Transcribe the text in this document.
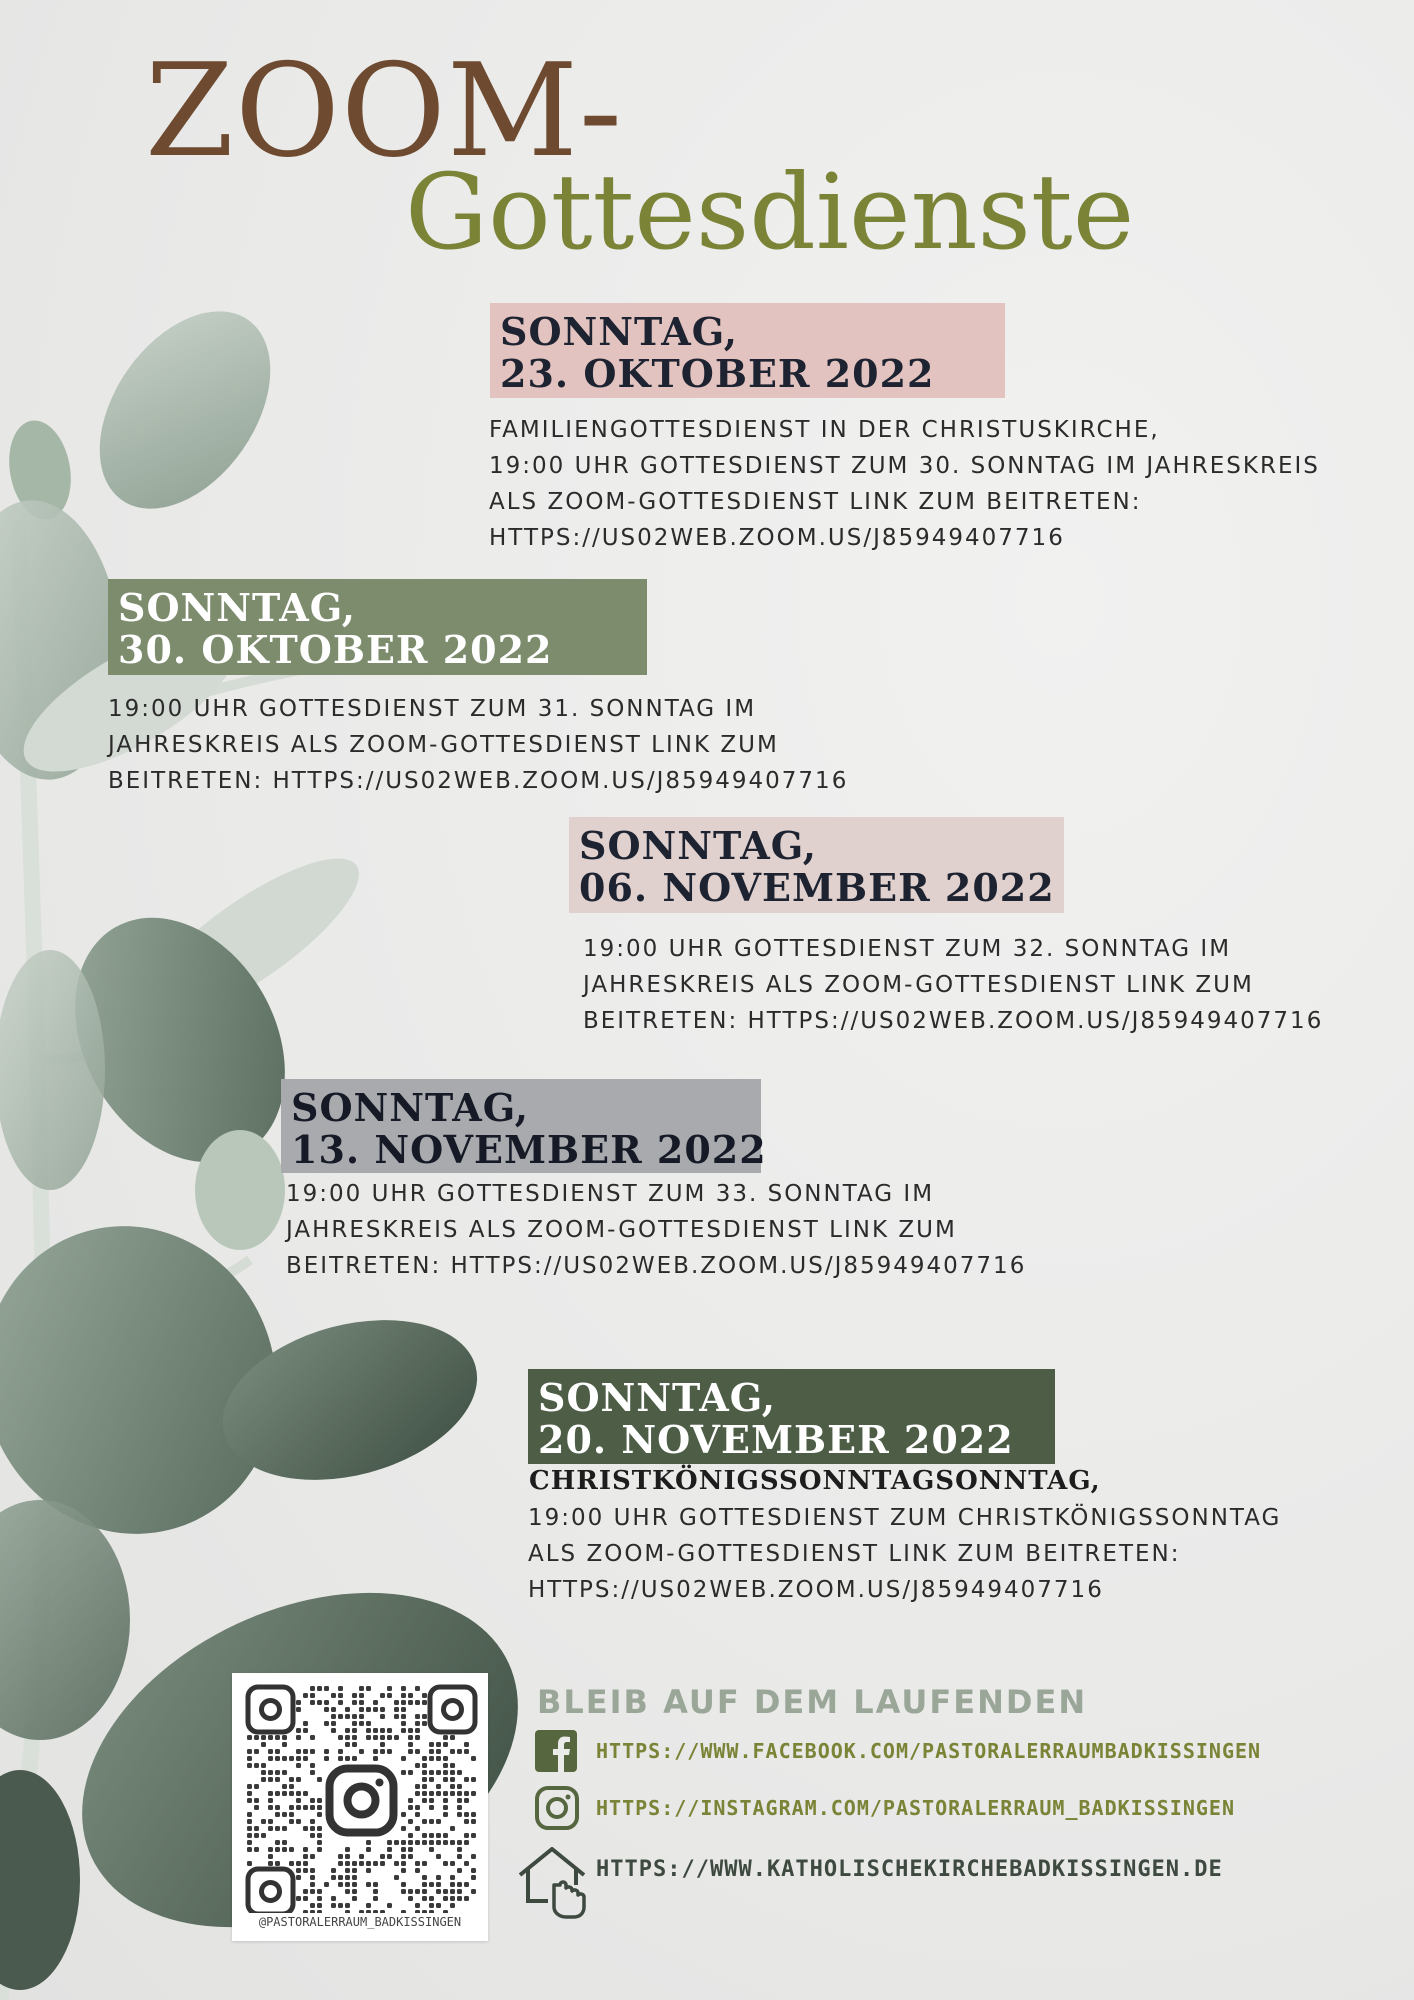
ZOOM-
Gottesdienste
SONNTAG,
23. OKTOBER 2022
FAMILIENGOTTESDIENST IN DER CHRISTUSKIRCHE,
19:00 UHR GOTTESDIENST ZUM 30. SONNTAG IM JAHRESKREIS
ALS ZOOM-GOTTESDIENST LINK ZUM BEITRETEN:
HTTPS://US02WEB.ZOOM.US/J85949407716
SONNTAG,
30. OKTOBER 2022
19:00 UHR GOTTESDIENST ZUM 31. SONNTAG IM
JAHRESKREIS ALS ZOOM-GOTTESDIENST LINK ZUM
BEITRETEN: HTTPS://US02WEB.ZOOM.US/J85949407716
SONNTAG,
06. NOVEMBER 2022
19:00 UHR GOTTESDIENST ZUM 32. SONNTAG IM
JAHRESKREIS ALS ZOOM-GOTTESDIENST LINK ZUM
BEITRETEN: HTTPS://US02WEB.ZOOM.US/J85949407716
SONNTAG,
13. NOVEMBER 2022
19:00 UHR GOTTESDIENST ZUM 33. SONNTAG IM
JAHRESKREIS ALS ZOOM-GOTTESDIENST LINK ZUM
BEITRETEN: HTTPS://US02WEB.ZOOM.US/J85949407716
SONNTAG,
20. NOVEMBER 2022
CHRISTKÖNIGSSONNTAGSONNTAG,
19:00 UHR GOTTESDIENST ZUM CHRISTKÖNIGSSONNTAG
ALS ZOOM-GOTTESDIENST LINK ZUM BEITRETEN:
HTTPS://US02WEB.ZOOM.US/J85949407716
@PASTORALERRAUM_BADKISSINGEN
BLEIB AUF DEM LAUFENDEN
HTTPS://WWW.FACEBOOK.COM/PASTORALERRAUMBADKISSINGEN
HTTPS://INSTAGRAM.COM/PASTORALERRAUM_BADKISSINGEN
HTTPS://WWW.KATHOLISCHEKIRCHEBADKISSINGEN.DE
